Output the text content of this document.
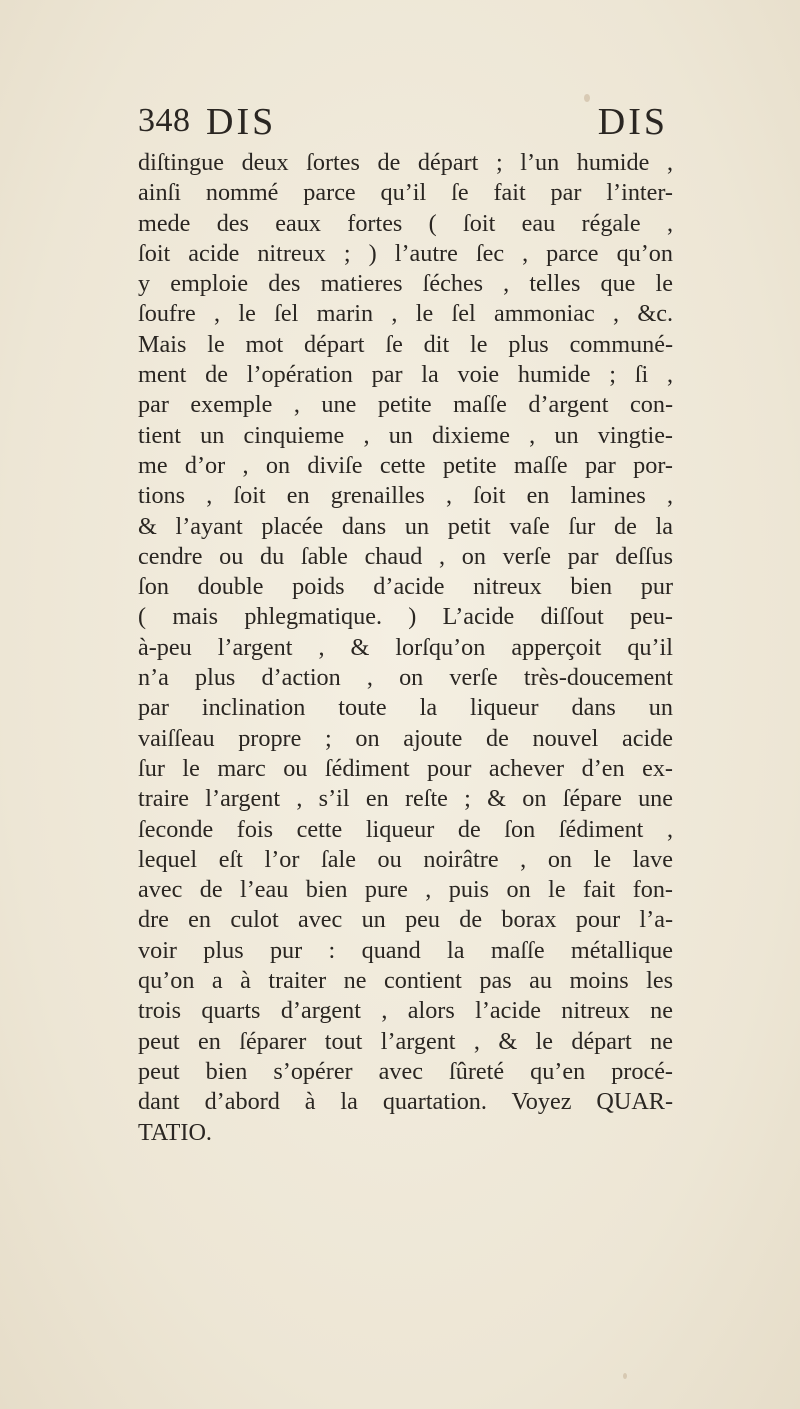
348 DIS	DIS
diſtingue deux ſortes de départ ; l’un humide ,
ainſi nommé parce qu’il ſe fait par l’inter-
mede des eaux fortes ( ſoit eau régale ,
ſoit acide nitreux ; ) l’autre ſec , parce qu’on
y emploie des matieres ſéches , telles que le
ſoufre , le ſel marin , le ſel ammoniac , &c.
Mais le mot départ ſe dit le plus communé-
ment de l’opération par la voie humide ; ſi ,
par exemple , une petite maſſe d’argent con-
tient un cinquieme , un dixieme , un vingtie-
me d’or , on diviſe cette petite maſſe par por-
tions , ſoit en grenailles , ſoit en lamines ,
& l’ayant placée dans un petit vaſe ſur de la
cendre ou du ſable chaud , on verſe par deſſus
ſon double poids d’acide nitreux bien pur
( mais phlegmatique. ) L’acide diſſout peu-
à-peu l’argent , & lorſqu’on apperçoit qu’il
n’a plus d’action , on verſe très-doucement
par inclination toute la liqueur dans un
vaiſſeau propre ; on ajoute de nouvel acide
ſur le marc ou ſédiment pour achever d’en ex-
traire l’argent , s’il en reſte ; & on ſépare une
ſeconde fois cette liqueur de ſon ſédiment ,
lequel eſt l’or ſale ou noirâtre , on le lave
avec de l’eau bien pure , puis on le fait fon-
dre en culot avec un peu de borax pour l’a-
voir plus pur : quand la maſſe métallique
qu’on a à traiter ne contient pas au moins les
trois quarts d’argent , alors l’acide nitreux ne
peut en ſéparer tout l’argent , & le départ ne
peut bien s’opérer avec ſûreté qu’en procé-
dant d’abord à la quartation. Voyez QUAR-
TATIO.
